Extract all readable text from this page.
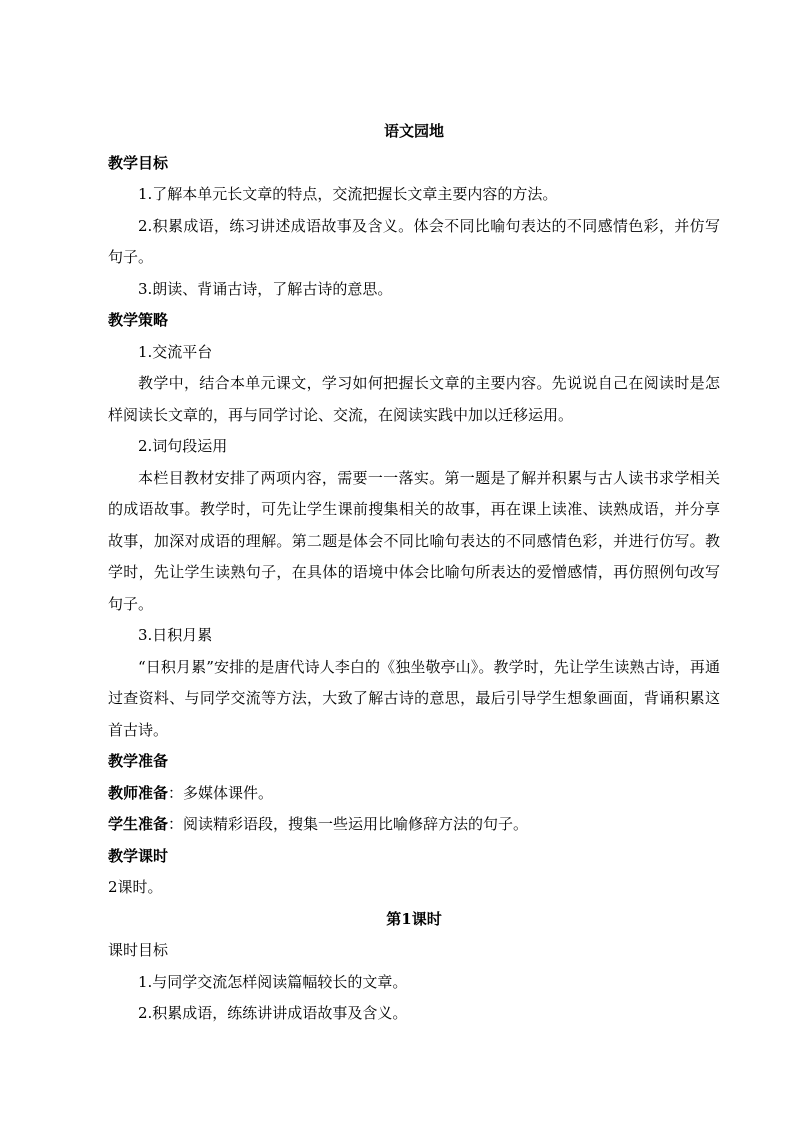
语文园地

教学目标

1.了解本单元长文章的特点，交流把握长文章主要内容的方法。

2.积累成语，练习讲述成语故事及含义。体会不同比喻句表达的不同感情色彩，并仿写句子。

3.朗读、背诵古诗，了解古诗的意思。

教学策略

1.交流平台

教学中，结合本单元课文，学习如何把握长文章的主要内容。先说说自己在阅读时是怎样阅读长文章的，再与同学讨论、交流，在阅读实践中加以迁移运用。

2.词句段运用

本栏目教材安排了两项内容，需要一一落实。第一题是了解并积累与古人读书求学相关的成语故事。教学时，可先让学生课前搜集相关的故事，再在课上读准、读熟成语，并分享故事，加深对成语的理解。第二题是体会不同比喻句表达的不同感情色彩，并进行仿写。教学时，先让学生读熟句子，在具体的语境中体会比喻句所表达的爱憎感情，再仿照例句改写句子。

3.日积月累

“日积月累”安排的是唐代诗人李白的《独坐敬亭山》。教学时，先让学生读熟古诗，再通过查资料、与同学交流等方法，大致了解古诗的意思，最后引导学生想象画面，背诵积累这首古诗。

教学准备

教师准备：多媒体课件。

学生准备：阅读精彩语段，搜集一些运用比喻修辞方法的句子。

教学课时

2课时。

第1课时

课时目标

1.与同学交流怎样阅读篇幅较长的文章。

2.积累成语，练练讲讲成语故事及含义。
